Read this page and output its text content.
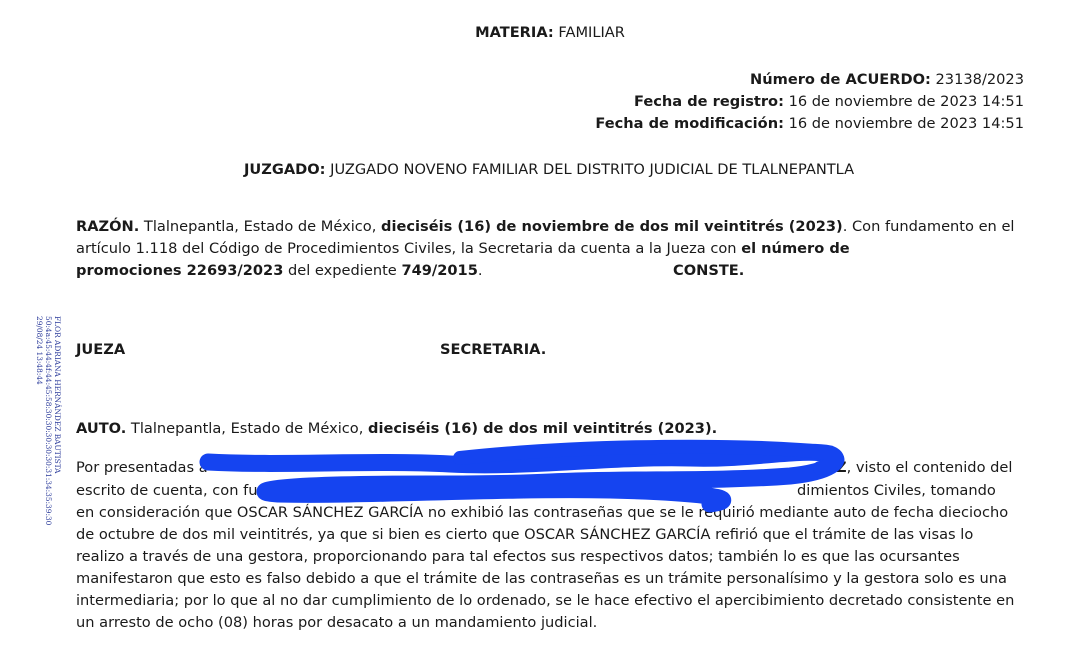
MATERIA: FAMILIAR
Número de ACUERDO: 23138/2023
Fecha de registro: 16 de noviembre de 2023 14:51
Fecha de modificación: 16 de noviembre de 2023 14:51
JUZGADO: JUZGADO NOVENO FAMILIAR DEL DISTRITO JUDICIAL DE TLALNEPANTLA
RAZÓN. Tlalnepantla, Estado de México, dieciséis (16) de noviembre de dos mil veintitrés (2023). Con fundamento en el
artículo 1.118 del Código de Procedimientos Civiles, la Secretaria da cuenta a la Jueza con el número de
promociones 22693/2023 del expediente 749/2015.	CONSTE.
JUEZA	SECRETARIA.
FLOR ADRIANA HERNÁNDEZ BAUTISTA
50:4a:45:44:4f:44:45:58:30:30:30:30:30:31:34:35:39:30
29/08/24 13:48:44
AUTO. Tlalnepantla, Estado de México, dieciséis (16) de dos mil veintitrés (2023).
Por presentadas a	EZ, visto el contenido del
escrito de cuenta, con fund	134, 1.138, 1.164 y 2.	dimientos Civiles, tomando
en consideración que OSCAR SÁNCHEZ GARCÍA no exhibió las contraseñas que se le requirió mediante auto de fecha dieciocho
de octubre de dos mil veintitrés, ya que si bien es cierto que OSCAR SÁNCHEZ GARCÍA refirió que el trámite de las visas lo
realizo a través de una gestora, proporcionando para tal efectos sus respectivos datos; también lo es que las ocursantes
manifestaron que esto es falso debido a que el trámite de las contraseñas es un trámite personalísimo y la gestora solo es una
intermediaria; por lo que al no dar cumplimiento de lo ordenado, se le hace efectivo el apercibimiento decretado consistente en
un arresto de ocho (08) horas por desacato a un mandamiento judicial.
